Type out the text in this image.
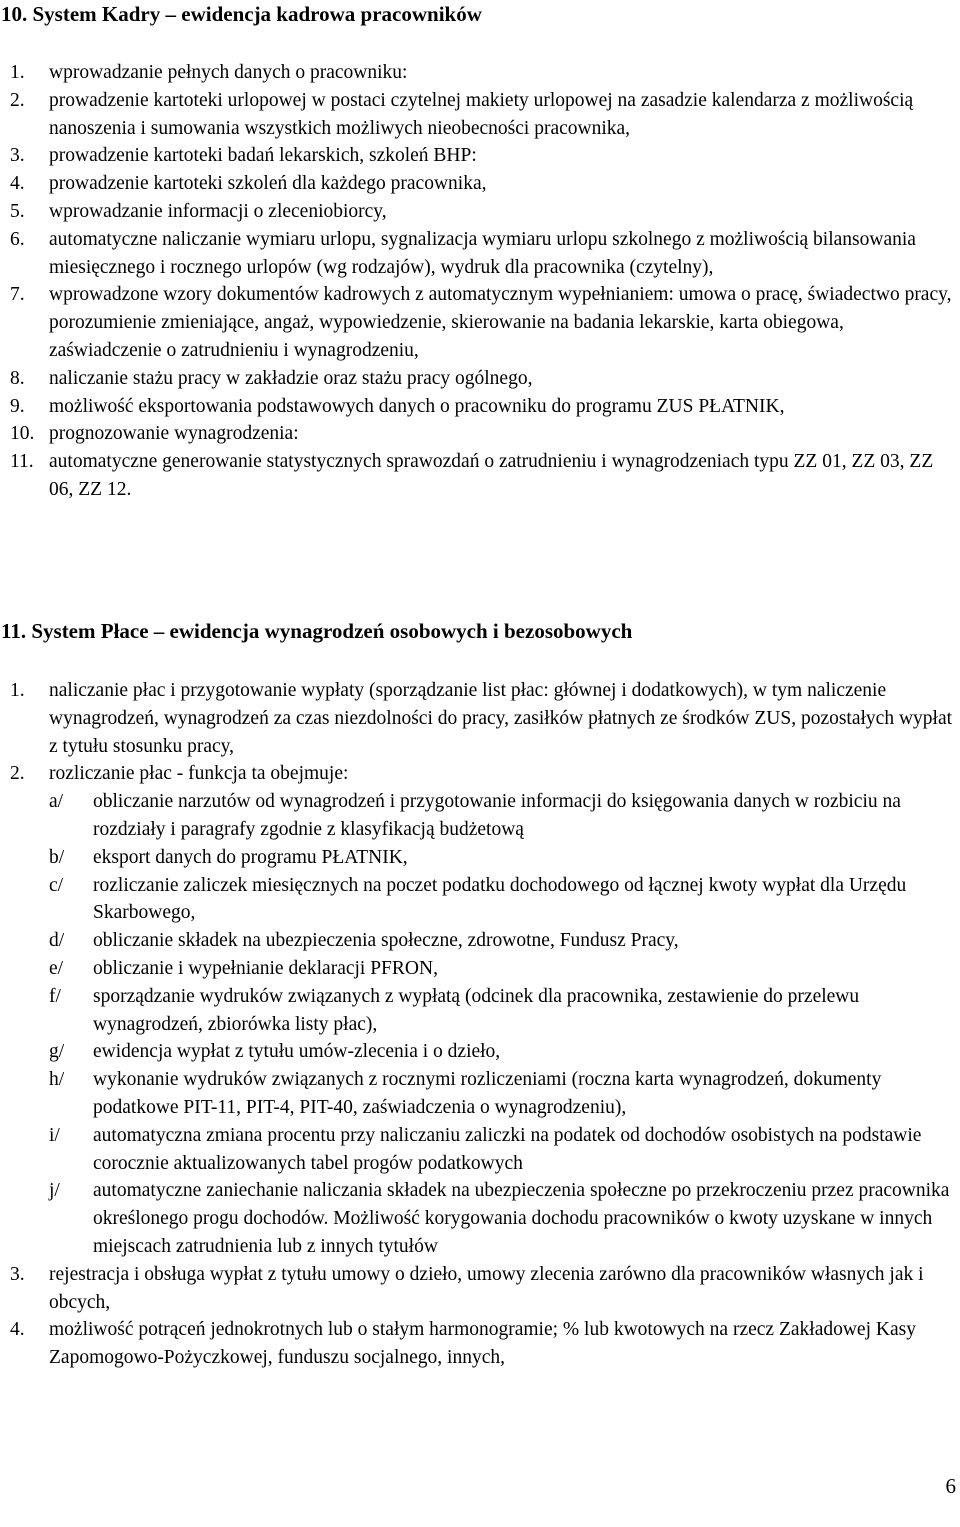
10. System Kadry – ewidencja kadrowa pracowników
1. wprowadzanie pełnych danych o pracowniku:
2. prowadzenie kartoteki urlopowej w postaci czytelnej makiety urlopowej na zasadzie kalendarza z możliwością nanoszenia i sumowania wszystkich możliwych nieobecności pracownika,
3. prowadzenie kartoteki badań lekarskich, szkoleń BHP:
4. prowadzenie kartoteki szkoleń dla każdego pracownika,
5. wprowadzanie informacji o zleceniobiorcy,
6. automatyczne naliczanie wymiaru urlopu, sygnalizacja wymiaru urlopu szkolnego z możliwością bilansowania miesięcznego i rocznego urlopów (wg rodzajów), wydruk dla pracownika (czytelny),
7. wprowadzone wzory dokumentów kadrowych z automatycznym wypełnianiem: umowa o pracę, świadectwo pracy, porozumienie zmieniające, angaż, wypowiedzenie, skierowanie na badania lekarskie, karta obiegowa, zaświadczenie o zatrudnieniu i wynagrodzeniu,
8. naliczanie stażu pracy w zakładzie oraz stażu pracy ogólnego,
9. możliwość eksportowania podstawowych danych o pracowniku do programu ZUS PŁATNIK,
10. prognozowanie wynagrodzenia:
11. automatyczne generowanie statystycznych sprawozdań o zatrudnieniu i wynagrodzeniach typu ZZ 01, ZZ 03, ZZ 06, ZZ 12.
11. System Płace – ewidencja wynagrodzeń osobowych i bezosobowych
1. naliczanie płac i przygotowanie wypłaty (sporządzanie list płac: głównej i dodatkowych), w tym naliczenie wynagrodzeń, wynagrodzeń za czas niezdolności do pracy, zasiłków płatnych ze środków ZUS, pozostałych wypłat z tytułu stosunku pracy,
2. rozliczanie płac - funkcja ta obejmuje:
a/ obliczanie narzutów od wynagrodzeń i przygotowanie informacji do księgowania danych w rozbiciu na rozdziały i paragrafy zgodnie z klasyfikacją budżetową
b/ eksport danych do programu PŁATNIK,
c/ rozliczanie zaliczek miesięcznych na poczet podatku dochodowego od łącznej kwoty wypłat dla Urzędu Skarbowego,
d/ obliczanie składek na ubezpieczenia społeczne, zdrowotne, Fundusz Pracy,
e/ obliczanie i wypełnianie deklaracji PFRON,
f/ sporządzanie wydruków związanych z wypłatą (odcinek dla pracownika, zestawienie do przelewu wynagrodzeń, zbiorówka listy płac),
g/ ewidencja wypłat z tytułu umów-zlecenia i o dzieło,
h/ wykonanie wydruków związanych z rocznymi rozliczeniami (roczna karta wynagrodzeń, dokumenty podatkowe PIT-11, PIT-4, PIT-40, zaświadczenia o wynagrodzeniu),
i/ automatyczna zmiana procentu przy naliczaniu zaliczki na podatek od dochodów osobistych na podstawie corocznie aktualizowanych tabel progów podatkowych
j/ automatyczne zaniechanie naliczania składek na ubezpieczenia społeczne po przekroczeniu przez pracownika określonego progu dochodów. Możliwość korygowania dochodu pracowników o kwoty uzyskane w innych miejscach zatrudnienia lub z innych tytułów
3. rejestracja i obsługa wypłat z tytułu umowy o dzieło, umowy zlecenia zarówno dla pracowników własnych jak i obcych,
4. możliwość potrąceń jednokrotnych lub o stałym harmonogramie; % lub kwotowych na rzecz Zakładowej Kasy Zapomogowo-Pożyczkowej, funduszu socjalnego, innych,
6
